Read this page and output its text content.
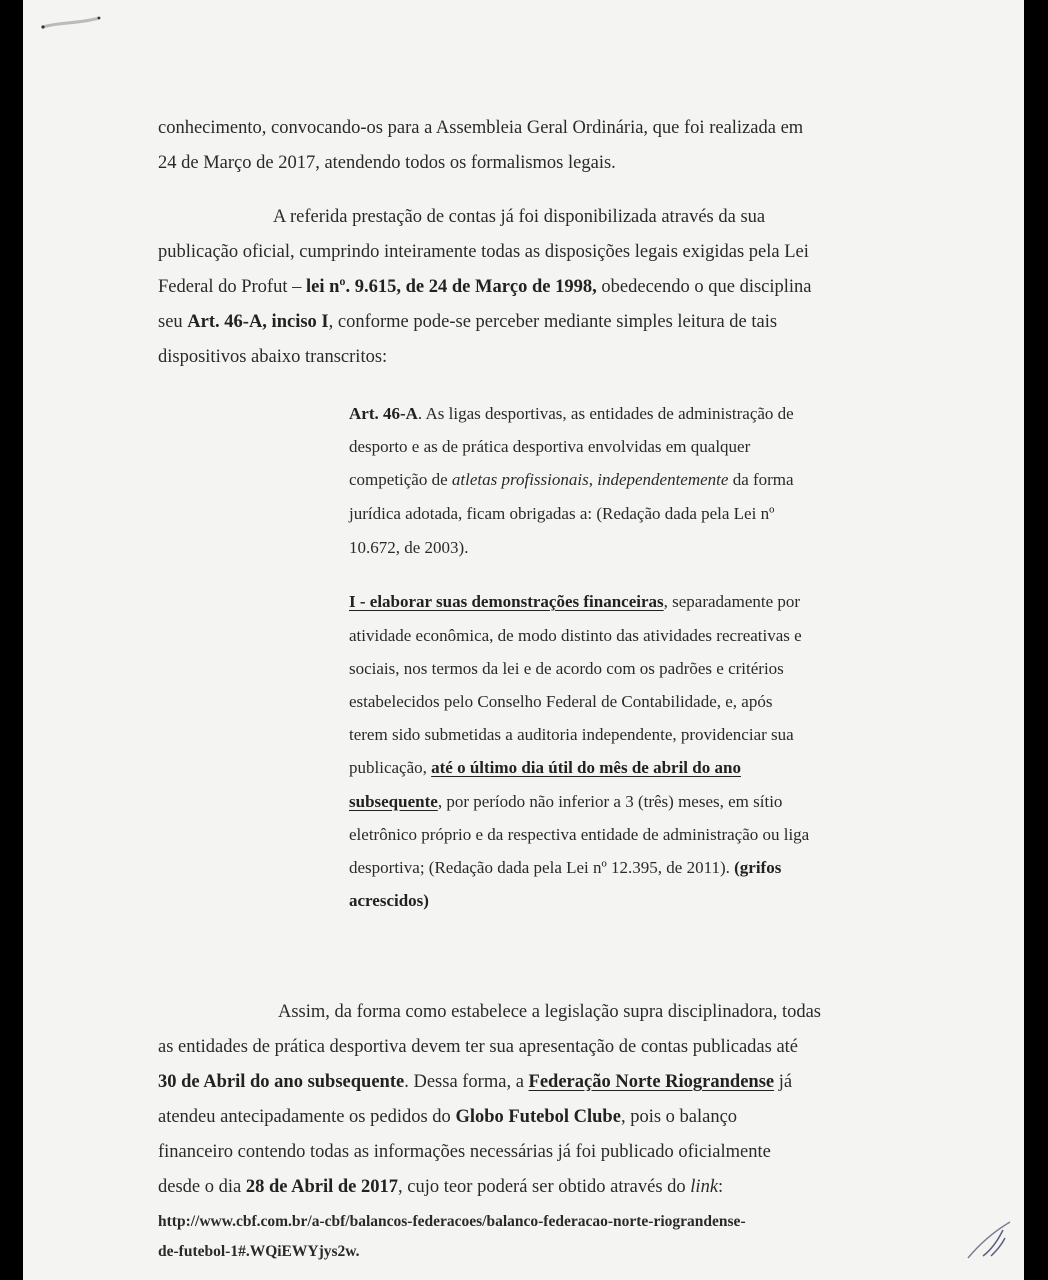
conhecimento, convocando-os para a Assembleia Geral Ordinária, que foi realizada em
24 de Março de 2017, atendendo todos os formalismos legais.
A referida prestação de contas já foi disponibilizada através da sua
publicação oficial, cumprindo inteiramente todas as disposições legais exigidas pela Lei
Federal do Profut – lei nº. 9.615, de 24 de Março de 1998, obedecendo o que disciplina
seu Art. 46-A, inciso I, conforme pode-se perceber mediante simples leitura de tais
dispositivos abaixo transcritos:
Art. 46-A. As ligas desportivas, as entidades de administração de
desporto e as de prática desportiva envolvidas em qualquer
competição de atletas profissionais, independentemente da forma
jurídica adotada, ficam obrigadas a: (Redação dada pela Lei nº
10.672, de 2003).
I - elaborar suas demonstrações financeiras, separadamente por
atividade econômica, de modo distinto das atividades recreativas e
sociais, nos termos da lei e de acordo com os padrões e critérios
estabelecidos pelo Conselho Federal de Contabilidade, e, após
terem sido submetidas a auditoria independente, providenciar sua
publicação, até o último dia útil do mês de abril do ano
subsequente, por período não inferior a 3 (três) meses, em sítio
eletrônico próprio e da respectiva entidade de administração ou liga
desportiva; (Redação dada pela Lei nº 12.395, de 2011). (grifos
acrescidos)
Assim, da forma como estabelece a legislação supra disciplinadora, todas
as entidades de prática desportiva devem ter sua apresentação de contas publicadas até
30 de Abril do ano subsequente. Dessa forma, a Federação Norte Riograndense já
atendeu antecipadamente os pedidos do Globo Futebol Clube, pois o balanço
financeiro contendo todas as informações necessárias já foi publicado oficialmente
desde o dia 28 de Abril de 2017, cujo teor poderá ser obtido através do link:
http://www.cbf.com.br/a-cbf/balancos-federacoes/balanco-federacao-norte-riograndense-
de-futebol-1#.WQiEWYjys2w.
